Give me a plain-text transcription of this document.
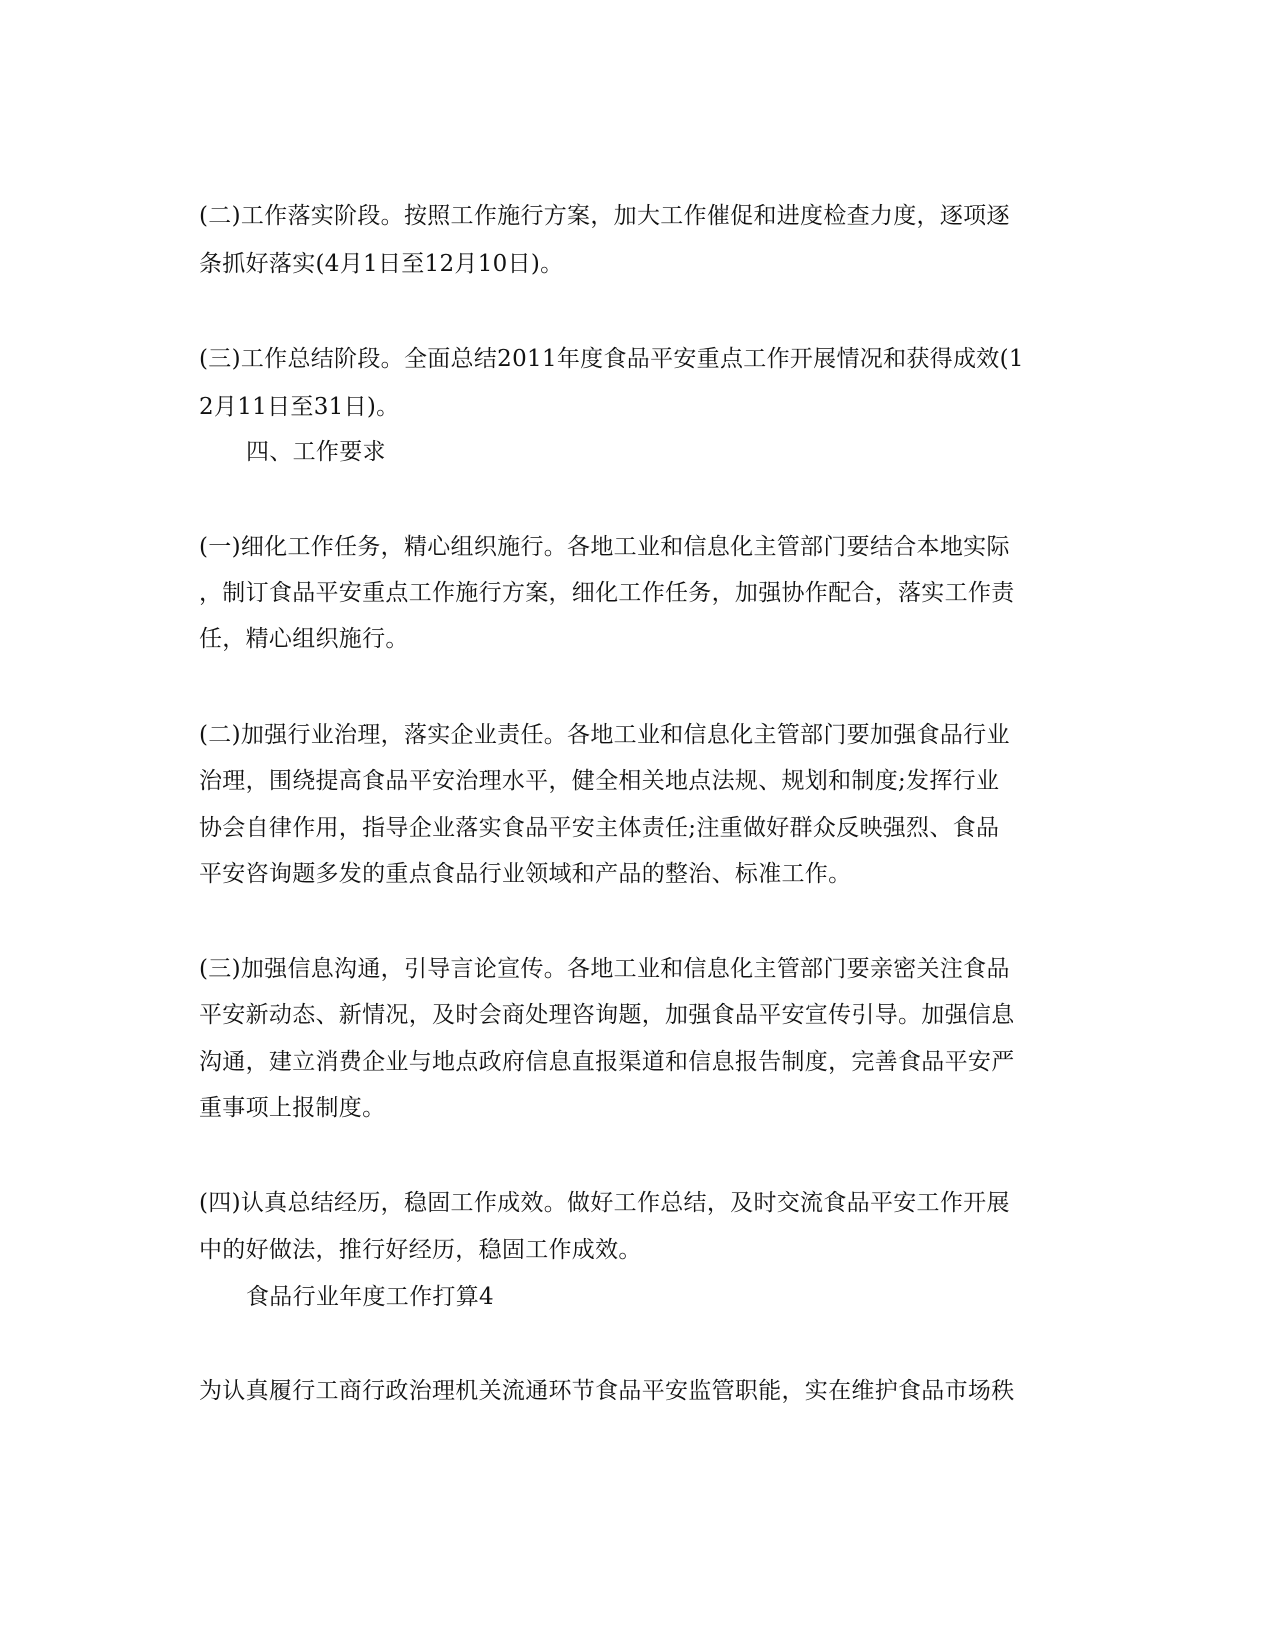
(二)工作落实阶段。按照工作施行方案，加大工作催促和进度检查力度，逐项逐
条抓好落实(4月1日至12月10日)。
(三)工作总结阶段。全面总结2011年度食品平安重点工作开展情况和获得成效(1
2月11日至31日)。
四、工作要求
(一)细化工作任务，精心组织施行。各地工业和信息化主管部门要结合本地实际
，制订食品平安重点工作施行方案，细化工作任务，加强协作配合，落实工作责
任，精心组织施行。
(二)加强行业治理，落实企业责任。各地工业和信息化主管部门要加强食品行业
治理，围绕提高食品平安治理水平，健全相关地点法规、规划和制度;发挥行业
协会自律作用，指导企业落实食品平安主体责任;注重做好群众反映强烈、食品
平安咨询题多发的重点食品行业领域和产品的整治、标准工作。
(三)加强信息沟通，引导言论宣传。各地工业和信息化主管部门要亲密关注食品
平安新动态、新情况，及时会商处理咨询题，加强食品平安宣传引导。加强信息
沟通，建立消费企业与地点政府信息直报渠道和信息报告制度，完善食品平安严
重事项上报制度。
(四)认真总结经历，稳固工作成效。做好工作总结，及时交流食品平安工作开展
中的好做法，推行好经历，稳固工作成效。
食品行业年度工作打算4
为认真履行工商行政治理机关流通环节食品平安监管职能，实在维护食品市场秩
